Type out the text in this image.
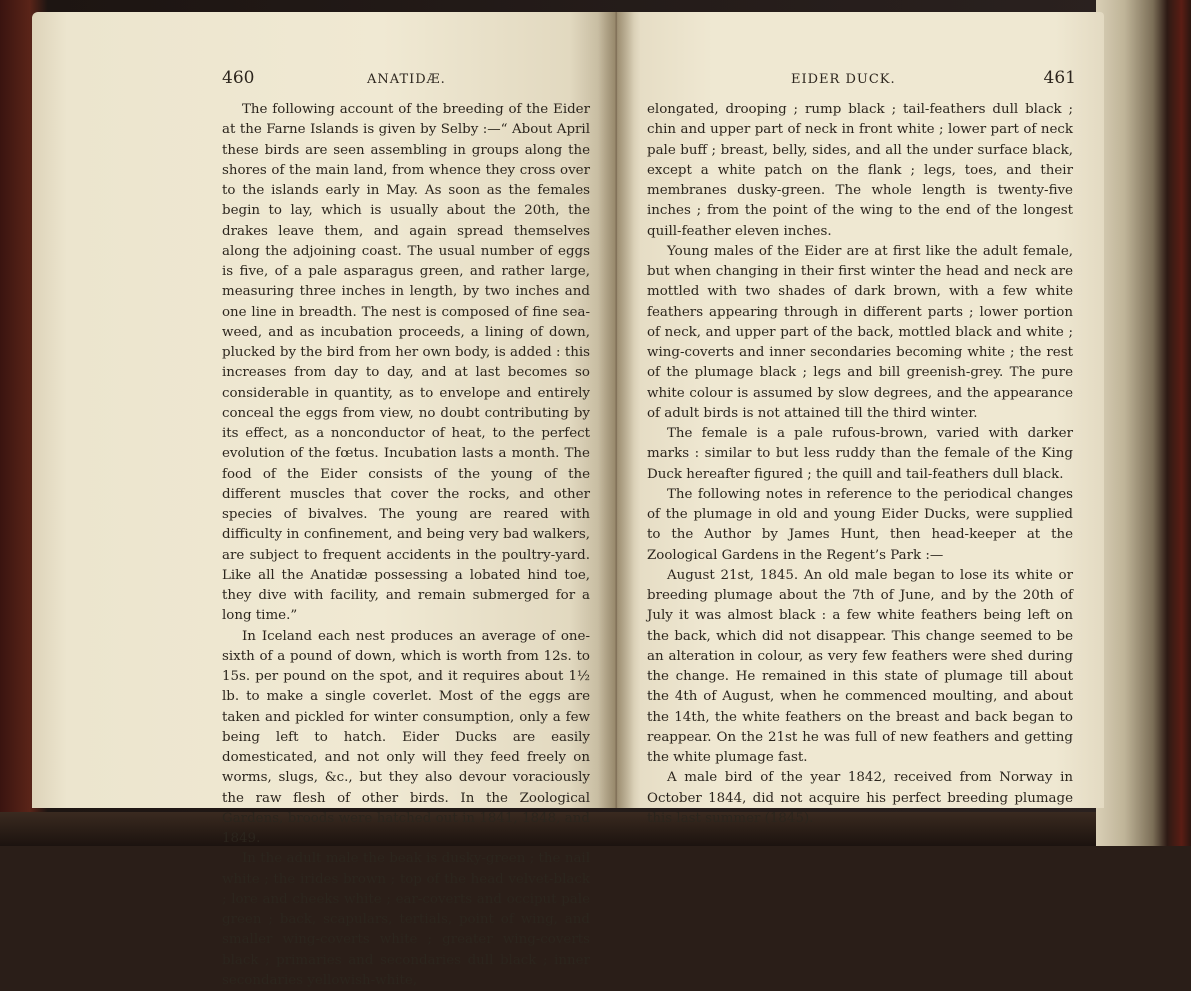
460	ANATIDÆ.

The following account of the breeding of the Eider at the Farne Islands is given by Selby :—“ About April these birds are seen assembling in groups along the shores of the main land, from whence they cross over to the islands early in May. As soon as the females begin to lay, which is usually about the 20th, the drakes leave them, and again spread themselves along the adjoining coast. The usual number of eggs is five, of a pale asparagus green, and rather large, measuring three inches in length, by two inches and one line in breadth. The nest is composed of fine sea-weed, and as incubation proceeds, a lining of down, plucked by the bird from her own body, is added : this increases from day to day, and at last becomes so considerable in quantity, as to envelope and entirely conceal the eggs from view, no doubt contributing by its effect, as a nonconductor of heat, to the perfect evolution of the fœtus. Incubation lasts a month. The food of the Eider consists of the young of the different muscles that cover the rocks, and other species of bivalves. The young are reared with difficulty in confinement, and being very bad walkers, are subject to frequent accidents in the poultry-yard. Like all the Anatidæ possessing a lobated hind toe, they dive with facility, and remain submerged for a long time.”

In Iceland each nest produces an average of one-sixth of a pound of down, which is worth from 12s. to 15s. per pound on the spot, and it requires about 1½ lb. to make a single coverlet. Most of the eggs are taken and pickled for winter consumption, only a few being left to hatch. Eider Ducks are easily domesticated, and not only will they feed freely on worms, slugs, &c., but they also devour voraciously the raw flesh of other birds. In the Zoological Gardens, broods were hatched out in 1841, 1848, and 1849.

In the adult male the beak is dusky-green ; the nail white ; the irides brown ; top of the head velvet-black ; lore and cheeks white ; ear-coverts and occiput pale green ; back, scapulars, tertials, point of wing, and smaller wing-coverts white ; greater wing-coverts black ; primaries and secondaries dull black ; inner secondaries yellowish-white,

EIDER DUCK.	461

elongated, drooping ; rump black ; tail-feathers dull black ; chin and upper part of neck in front white ; lower part of neck pale buff ; breast, belly, sides, and all the under surface black, except a white patch on the flank ; legs, toes, and their membranes dusky-green. The whole length is twenty-five inches ; from the point of the wing to the end of the longest quill-feather eleven inches.

Young males of the Eider are at first like the adult female, but when changing in their first winter the head and neck are mottled with two shades of dark brown, with a few white feathers appearing through in different parts ; lower portion of neck, and upper part of the back, mottled black and white ; wing-coverts and inner secondaries becoming white ; the rest of the plumage black ; legs and bill greenish-grey. The pure white colour is assumed by slow degrees, and the appearance of adult birds is not attained till the third winter.

The female is a pale rufous-brown, varied with darker marks : similar to but less ruddy than the female of the King Duck hereafter figured ; the quill and tail-feathers dull black.

The following notes in reference to the periodical changes of the plumage in old and young Eider Ducks, were supplied to the Author by James Hunt, then head-keeper at the Zoological Gardens in the Regent’s Park :—

August 21st, 1845. An old male began to lose its white or breeding plumage about the 7th of June, and by the 20th of July it was almost black : a few white feathers being left on the back, which did not disappear. This change seemed to be an alteration in colour, as very few feathers were shed during the change. He remained in this state of plumage till about the 4th of August, when he commenced moulting, and about the 14th, the white feathers on the breast and back began to reappear. On the 21st he was full of new feathers and getting the white plumage fast.

A male bird of the year 1842, received from Norway in October 1844, did not acquire his perfect breeding plumage this last summer (1845).
